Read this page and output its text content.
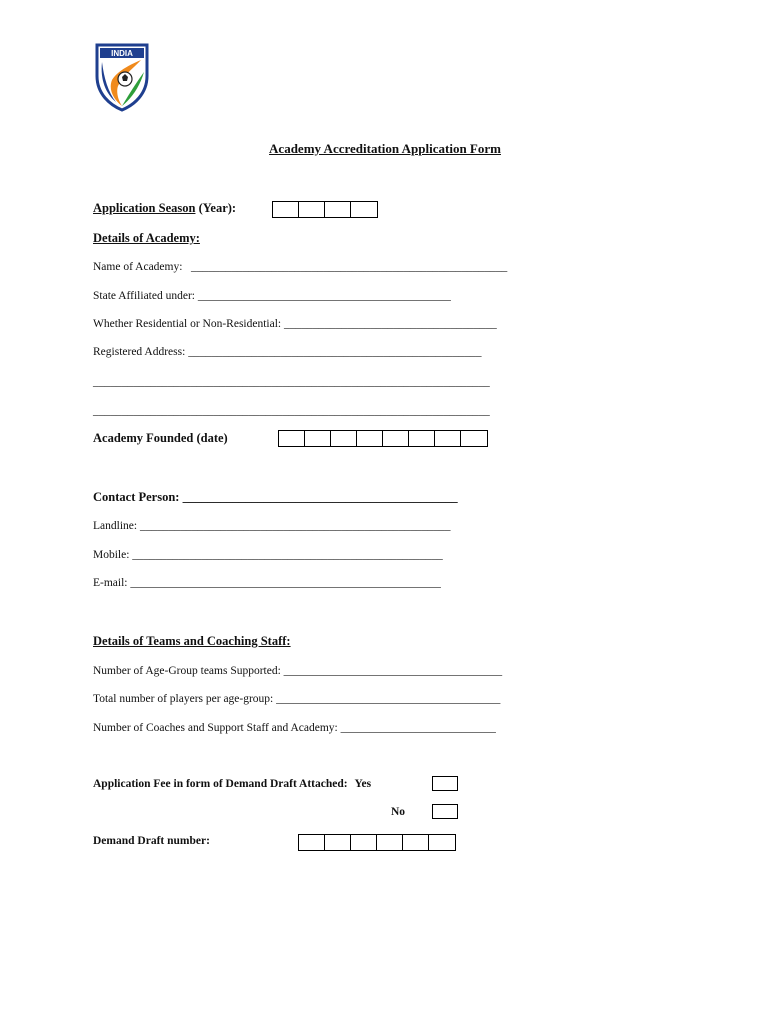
INDIA
Academy Accreditation Application Form
Application Season (Year):
Details of Academy:
Name of Academy:   _______________________________________________________
State Affiliated under: ____________________________________________
Whether Residential or Non-Residential: _____________________________________
Registered Address: ___________________________________________________
_____________________________________________________________________
_____________________________________________________________________
Academy Founded (date)
Contact Person: ____________________________________________
Landline: ______________________________________________________
Mobile: ______________________________________________________
E-mail: ______________________________________________________
Details of Teams and Coaching Staff:
Number of Age-Group teams Supported: ______________________________________
Total number of players per age-group: _______________________________________
Number of Coaches and Support Staff and Academy: ___________________________
Application Fee in form of Demand Draft Attached: Yes
No
Demand Draft number:
